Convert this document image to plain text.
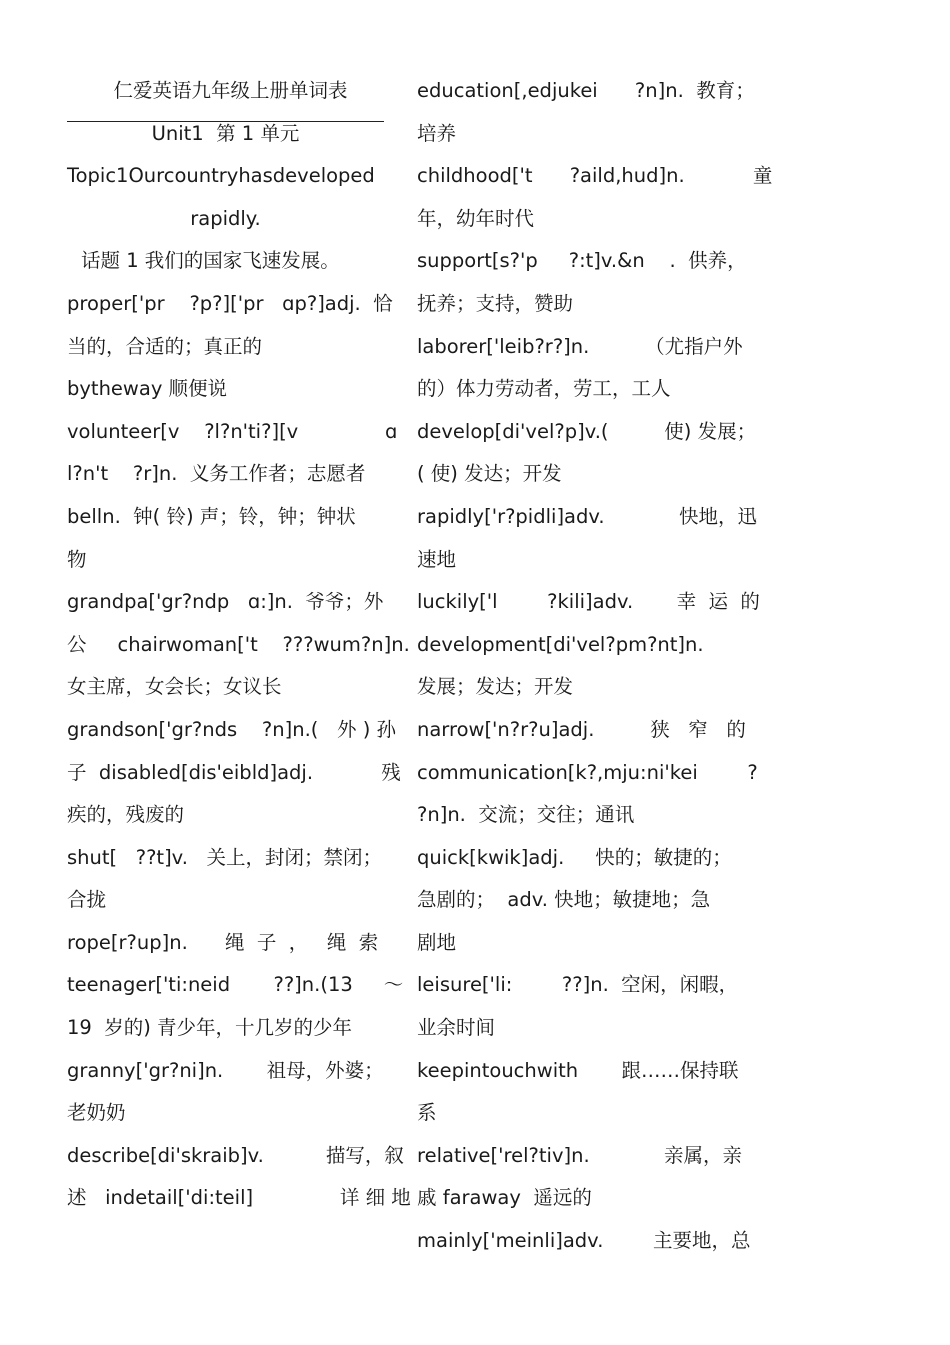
仁爱英语九年级上册单词表
Unit1  第 1 单元
Topic1Ourcountryhasdeveloped
rapidly.
话题 1 我们的国家飞速发展。
proper['pr    ?p?]['pr   ɑp?]adj.  恰
当的，合适的；真正的
bytheway 顺便说
volunteer[v    ?l?n'ti?][v              ɑ
l?n't    ?r]n.  义务工作者；志愿者
belln.  钟( 铃) 声；铃，钟；钟状
物
grandpa['gr?ndp   ɑ:]n.  爷爷；外
公     chairwoman['t    ???wum?n]n.
女主席，女会长；女议长
grandson['gr?nds    ?n]n.(   外 ) 孙
子  disabled[dis'eibld]adj.           残
疾的，残废的
shut[   ??t]v.   关上，封闭；禁闭；
合拢
rope[r?up]n.      绳  子  ，   绳  索
teenager['ti:neid       ??]n.(13     ～
19  岁的) 青少年，十几岁的少年
granny['gr?ni]n.       祖母，外婆；
老奶奶
describe[di'skraib]v.          描写，叙
述   indetail['di:teil]              详 细 地
education[,edjukei      ?n]n.  教育；
培养
childhood['t      ?aild,hud]n.           童
年，幼年时代
support[s?'p     ?:t]v.&n    .  供养，
抚养；支持，赞助
laborer['leib?r?]n.         （尤指户外
的）体力劳动者，劳工，工人
develop[di'vel?p]v.(         使) 发展；
( 使) 发达；开发
rapidly['r?pidli]adv.            快地，迅
速地
luckily['l        ?kili]adv.       幸  运  的
development[di'vel?pm?nt]n.
发展；发达；开发
narrow['n?r?u]adj.         狭   窄   的
communication[k?,mju:ni'kei        ?
?n]n.  交流；交往；通讯
quick[kwik]adj.     快的；敏捷的；
急剧的；  adv. 快地；敏捷地；急
剧地
leisure['li:        ??]n.  空闲，闲暇，
业余时间
keepintouchwith       跟……保持联
系
relative['rel?tiv]n.            亲属，亲
戚 faraway  遥远的
mainly['meinli]adv.        主要地，总
